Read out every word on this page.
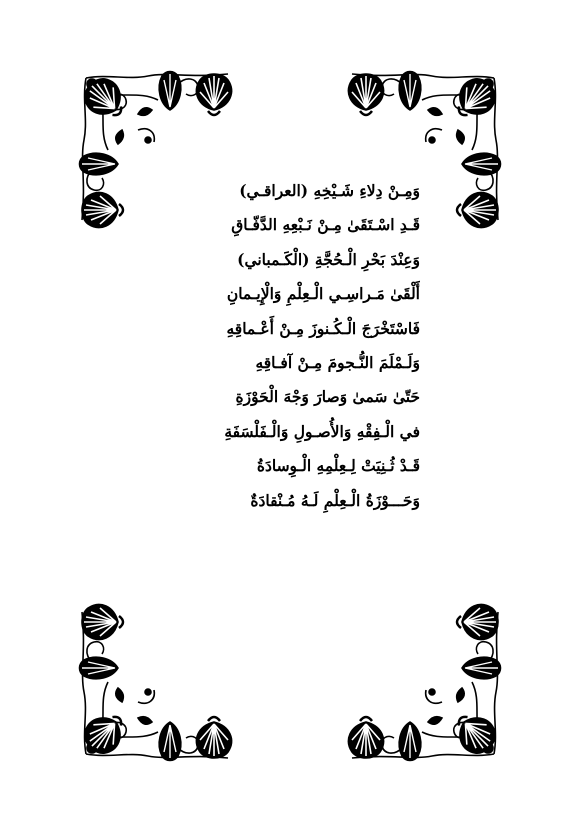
وَمِـنْ دِلاءِ شَـيْخِهِ (العراقـي)
قَـدِ اسْـتَقَىٰ مِـنْ نَـبْعِهِ الدَّفّـاقِ
وَعِنْدَ بَحْرِ الْـحُجَّةِ (الْكَـمباني)
أَلْقَىٰ مَـراسِـي الْـعِلْمِ وَالْإِيـمانِ
فَاسْتَخْرَجَ الْـكُـنوزَ مِـنْ أَعْـماقِهِ
وَلَـمْلَمَ النُّـجومَ مِـنْ آفـاقِهِ
حَتّىٰ سَمىٰ وَصارَ وَجْهَ الْحَوْزَةِ
في الْـفِقْهِ وَالأُصـولِ وَالْـفَلْسَفَةِ
قَـدْ ثُـنِيَتْ لِـعِلْمِهِ الْـوِسادَةُ
وَحَـــوْزَةُ الْـعِلْمِ لَـهُ مُـنْقادَةٌ
